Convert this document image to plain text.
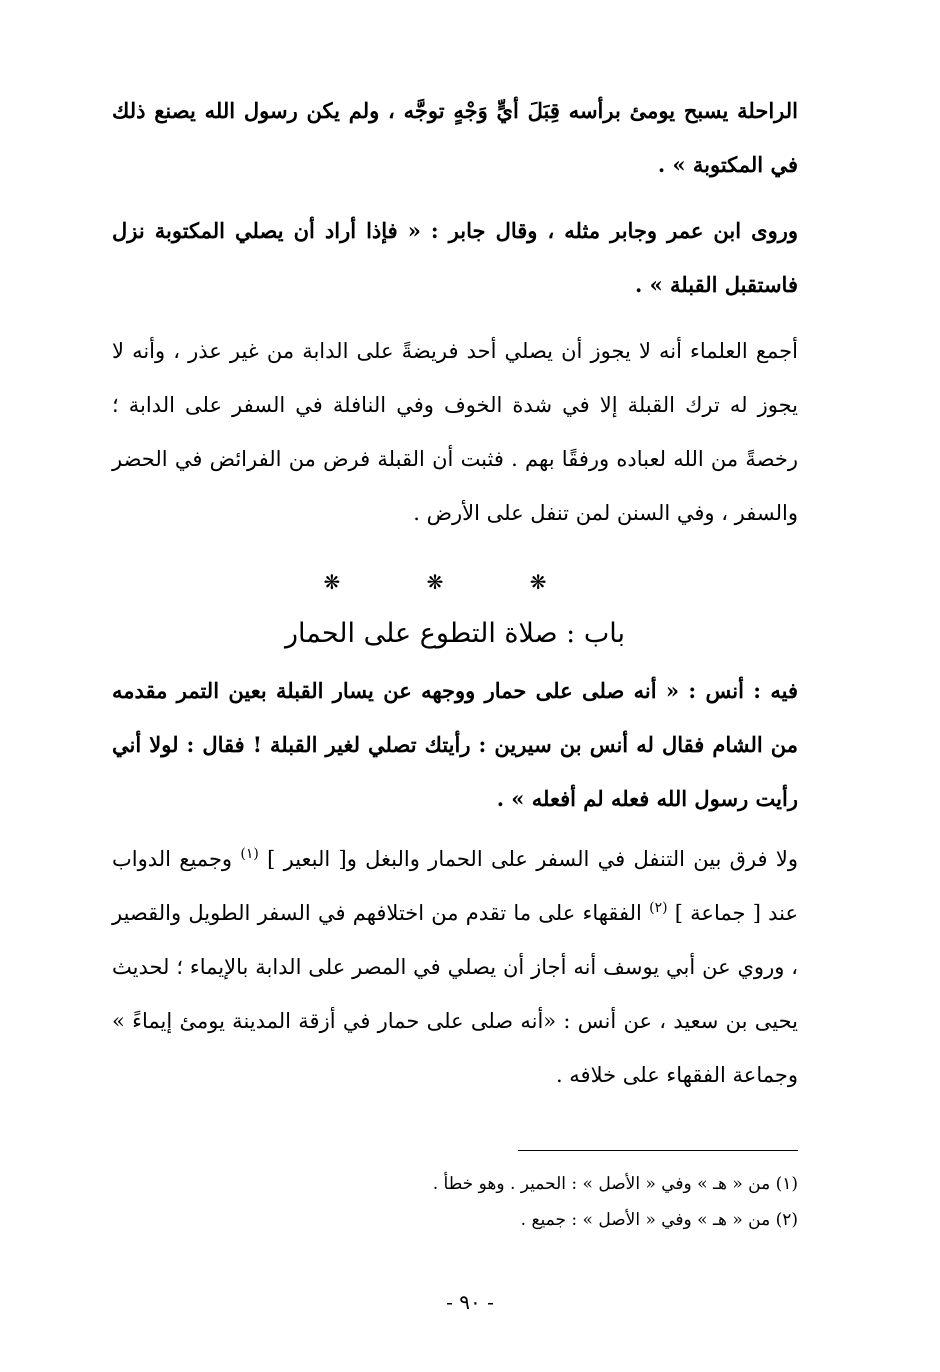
الراحلة يسبح يومئ برأسه قِبَلَ أيٍّ وَجْهٍ توجَّه ، ولم يكن رسول الله يصنع ذلك في المكتوبة » .

وروى ابن عمر وجابر مثله ، وقال جابر : « فإذا أراد أن يصلي المكتوبة نزل فاستقبل القبلة » .

أجمع العلماء أنه لا يجوز أن يصلي أحد فريضةً على الدابة من غير عذر ، وأنه لا يجوز له ترك القبلة إلا في شدة الخوف وفي النافلة في السفر على الدابة ؛ رخصةً من الله لعباده ورفقًا بهم . فثبت أن القبلة فرض من الفرائض في الحضر والسفر ، وفي السنن لمن تنفل على الأرض .

❋ ❋ ❋
باب : صلاة التطوع على الحمار

فيه : أنس : « أنه صلى على حمار ووجهه عن يسار القبلة بعين التمر مقدمه من الشام فقال له أنس بن سيرين : رأيتك تصلي لغير القبلة ! فقال : لولا أني رأيت رسول الله فعله لم أفعله » .

ولا فرق بين التنفل في السفر على الحمار والبغل و[ البعير ] $^{(١)}$ وجميع الدواب عند [ جماعة ] $^{(٢)}$ الفقهاء على ما تقدم من اختلافهم في السفر الطويل والقصير ، وروي عن أبي يوسف أنه أجاز أن يصلي في المصر على الدابة بالإيماء ؛ لحديث يحيى بن سعيد ، عن أنس : «أنه صلى على حمار في أزقة المدينة يومئ إيماءً » وجماعة الفقهاء على خلافه .

(١) من « هـ » وفي « الأصل » : الحمير . وهو خطأ .

(٢) من « هـ » وفي « الأصل » : جميع .

- ٩٠ -
